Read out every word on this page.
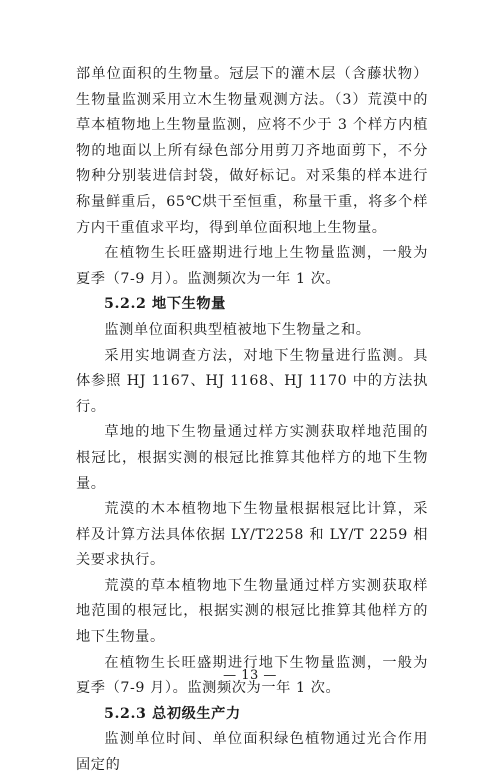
部单位面积的生物量。冠层下的灌木层（含藤状物）生物量监测采用立木生物量观测方法。（3）荒漠中的草本植物地上生物量监测，应将不少于 3 个样方内植物的地面以上所有绿色部分用剪刀齐地面剪下，不分物种分别装进信封袋，做好标记。对采集的样本进行称量鲜重后，65℃烘干至恒重，称量干重，将多个样方内干重值求平均，得到单位面积地上生物量。

在植物生长旺盛期进行地上生物量监测，一般为夏季（7-9 月）。监测频次为一年 1 次。

5.2.2 地下生物量

监测单位面积典型植被地下生物量之和。

采用实地调查方法，对地下生物量进行监测。具体参照 HJ 1167、HJ 1168、HJ 1170 中的方法执行。

草地的地下生物量通过样方实测获取样地范围的根冠比，根据实测的根冠比推算其他样方的地下生物量。

荒漠的木本植物地下生物量根据根冠比计算，采样及计算方法具体依据 LY/T2258 和 LY/T 2259 相关要求执行。

荒漠的草本植物地下生物量通过样方实测获取样地范围的根冠比，根据实测的根冠比推算其他样方的地下生物量。

在植物生长旺盛期进行地下生物量监测，一般为夏季（7-9 月）。监测频次为一年 1 次。

5.2.3 总初级生产力

监测单位时间、单位面积绿色植物通过光合作用固定的

— 13 —
